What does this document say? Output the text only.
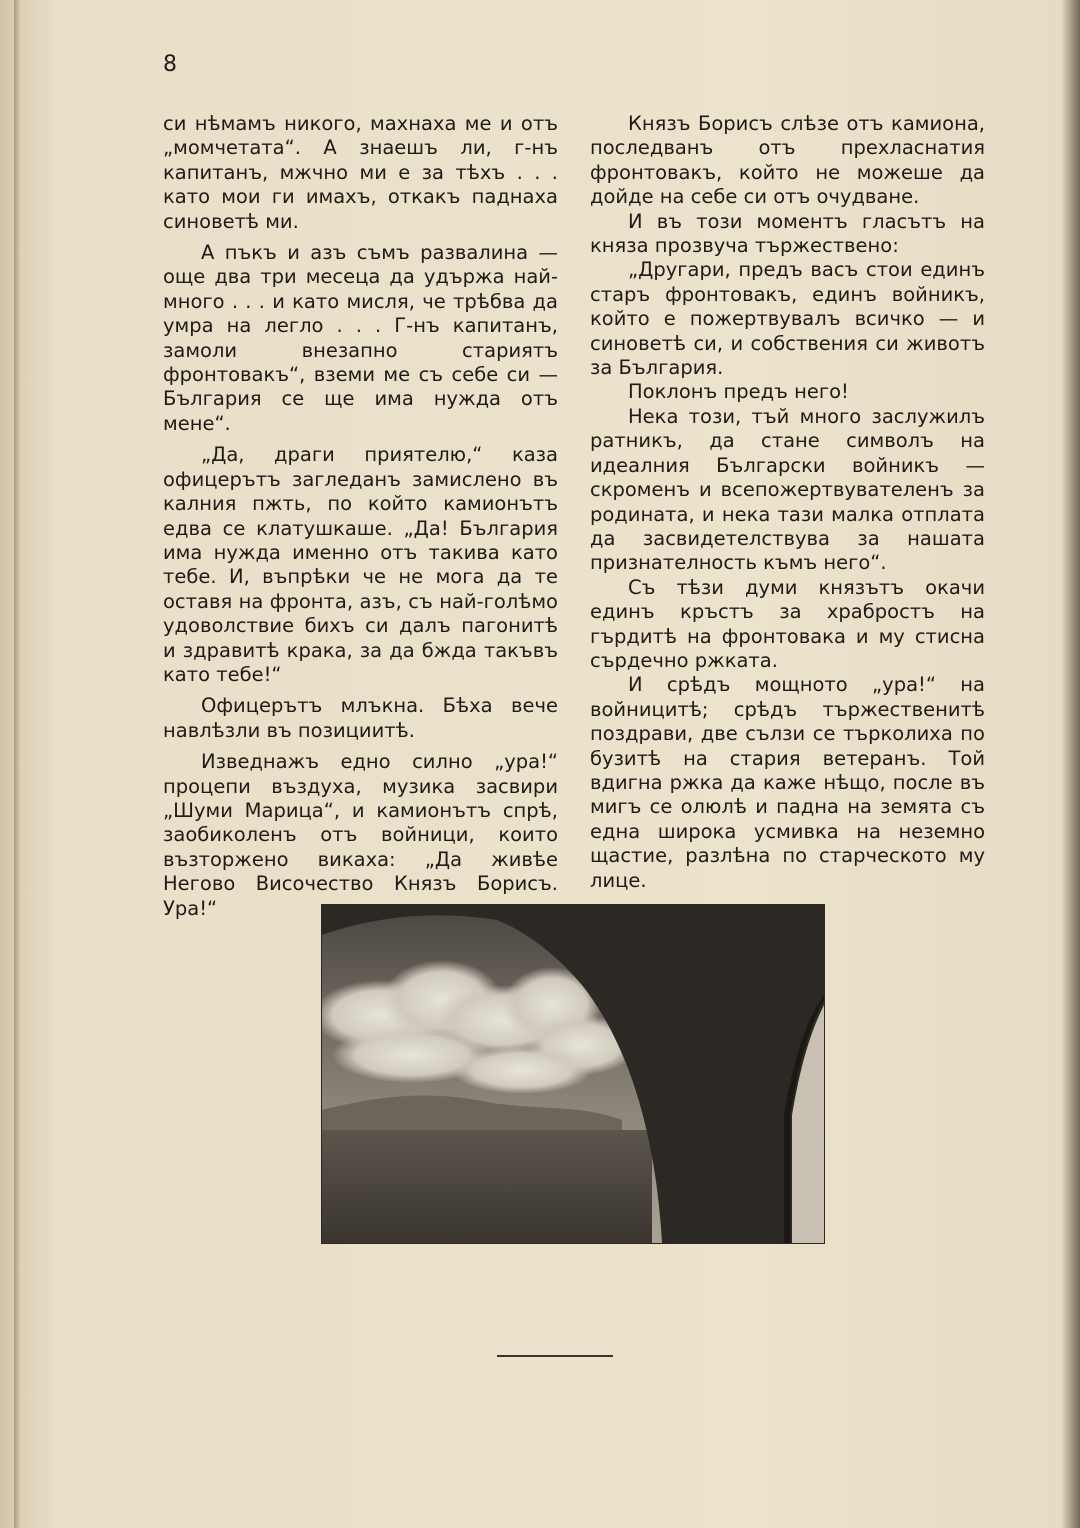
8

си нѣмамъ никого, махнаха ме и отъ „момчетата“. А знаешъ ли, г-нъ капитанъ, мжчно ми е за тѣхъ . . . като мои ги имахъ, откакъ паднаха синоветѣ ми.

А пъкъ и азъ съмъ развалина — още два три месеца да удържа най-много . . . и като мисля, че трѣбва да умра на легло . . . Г-нъ капитанъ, замоли внезапно стариятъ фронтовакъ“, вземи ме съ себе си — България се ще има нужда отъ мене“.

„Да, драги приятелю,“ каза офицерътъ загледанъ замислено въ калния пжть, по който камионътъ едва се клатушкаше. „Да! България има нужда именно отъ такива като тебе. И, въпрѣки че не мога да те оставя на фронта, азъ, съ най-голѣмо удоволствие бихъ си далъ пагонитѣ и здравитѣ крака, за да бжда такъвъ като тебе!“

Офицерътъ млъкна. Бѣха вече навлѣзли въ позициитѣ.

Изведнажъ едно силно „ура!“ процепи въздуха, музика засвири „Шуми Марица“, и камионътъ спрѣ, заобиколенъ отъ войници, които възторжено викаха: „Да живѣе Негово Височество Князъ Борисъ. Ура!“

Князъ Борисъ слѣзе отъ камиона, последванъ отъ прехласнатия фронтовакъ, който не можеше да дойде на себе си отъ очудване.

И въ този моментъ гласътъ на княза прозвуча тържествено:

„Другари, предъ васъ стои единъ старъ фронтовакъ, единъ войникъ, който е пожертвувалъ всичко — и синоветѣ си, и собствения си животъ за България.

Поклонъ предъ него!

Нека този, тъй много заслужилъ ратникъ, да стане символъ на идеалния Български войникъ — скроменъ и всепожертвувателенъ за родината, и нека тази малка отплата да засвидетелствува за нашата признателность къмъ него“.

Съ тѣзи думи князътъ окачи единъ кръстъ за храбростъ на гърдитѣ на фронтовака и му стисна сърдечно ржката.

И срѣдъ мощното „ура!“ на войницитѣ; срѣдъ тържественитѣ поздрави, две сълзи се търколиха по бузитѣ на стария ветеранъ. Той вдигна ржка да каже нѣщо, после въ мигъ се олюлѣ и падна на земята съ една широка усмивка на неземно щастие, разлѣна по старческото му лице.
